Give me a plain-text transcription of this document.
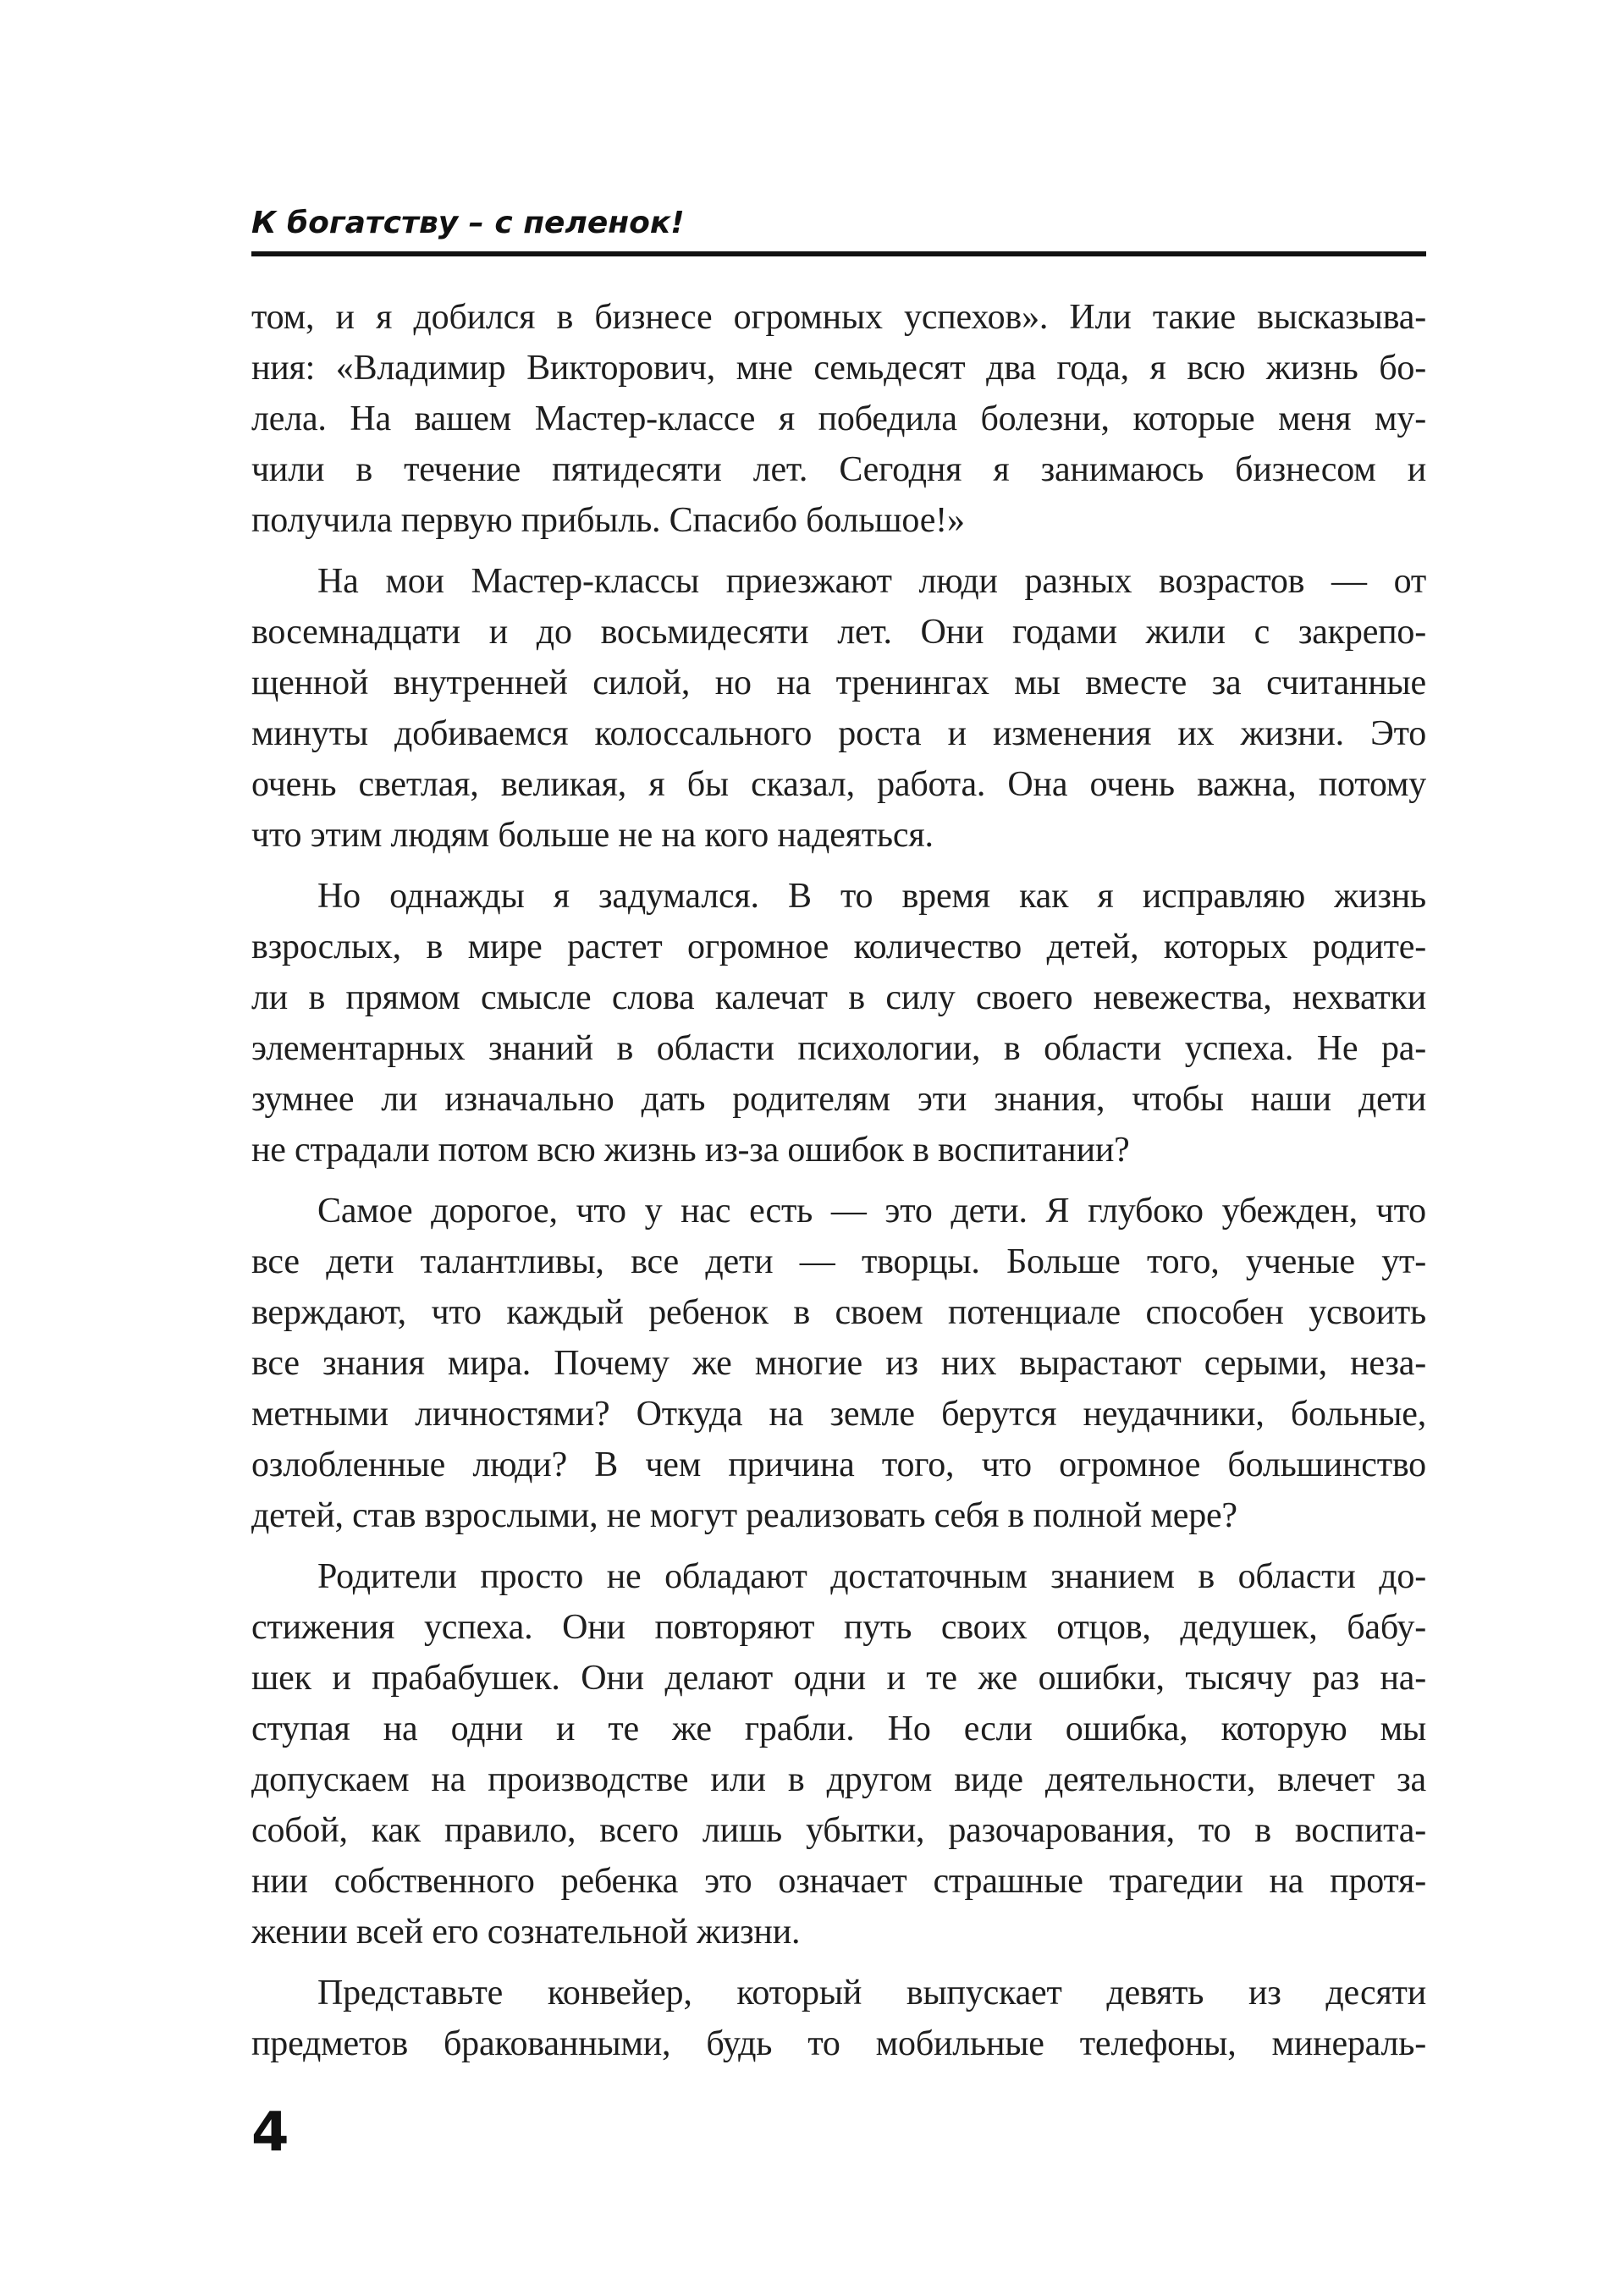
К богатству – с пеленок!
том, и я добился в бизнесе огромных успехов». Или такие высказыва-
ния: «Владимир Викторович, мне семьдесят два года, я всю жизнь бо-
лела. На вашем Мастер-классе я победила болезни, которые меня му-
чили в течение пятидесяти лет. Сегодня я занимаюсь бизнесом и
получила первую прибыль. Спасибо большое!»
На мои Мастер-классы приезжают люди разных возрастов — от
восемнадцати и до восьмидесяти лет. Они годами жили с закрепо-
щенной внутренней силой, но на тренингах мы вместе за считанные
минуты добиваемся колоссального роста и изменения их жизни. Это
очень светлая, великая, я бы сказал, работа. Она очень важна, потому
что этим людям больше не на кого надеяться.
Но однажды я задумался. В то время как я исправляю жизнь
взрослых, в мире растет огромное количество детей, которых родите-
ли в прямом смысле слова калечат в силу своего невежества, нехватки
элементарных знаний в области психологии, в области успеха. Не ра-
зумнее ли изначально дать родителям эти знания, чтобы наши дети
не страдали потом всю жизнь из-за ошибок в воспитании?
Самое дорогое, что у нас есть — это дети. Я глубоко убежден, что
все дети талантливы, все дети — творцы. Больше того, ученые ут-
верждают, что каждый ребенок в своем потенциале способен усвоить
все знания мира. Почему же многие из них вырастают серыми, неза-
метными личностями? Откуда на земле берутся неудачники, больные,
озлобленные люди? В чем причина того, что огромное большинство
детей, став взрослыми, не могут реализовать себя в полной мере?
Родители просто не обладают достаточным знанием в области до-
стижения успеха. Они повторяют путь своих отцов, дедушек, бабу-
шек и прабабушек. Они делают одни и те же ошибки, тысячу раз на-
ступая на одни и те же грабли. Но если ошибка, которую мы
допускаем на производстве или в другом виде деятельности, влечет за
собой, как правило, всего лишь убытки, разочарования, то в воспита-
нии собственного ребенка это означает страшные трагедии на протя-
жении всей его сознательной жизни.
Представьте конвейер, который выпускает девять из десяти
предметов бракованными, будь то мобильные телефоны, минераль-
4
